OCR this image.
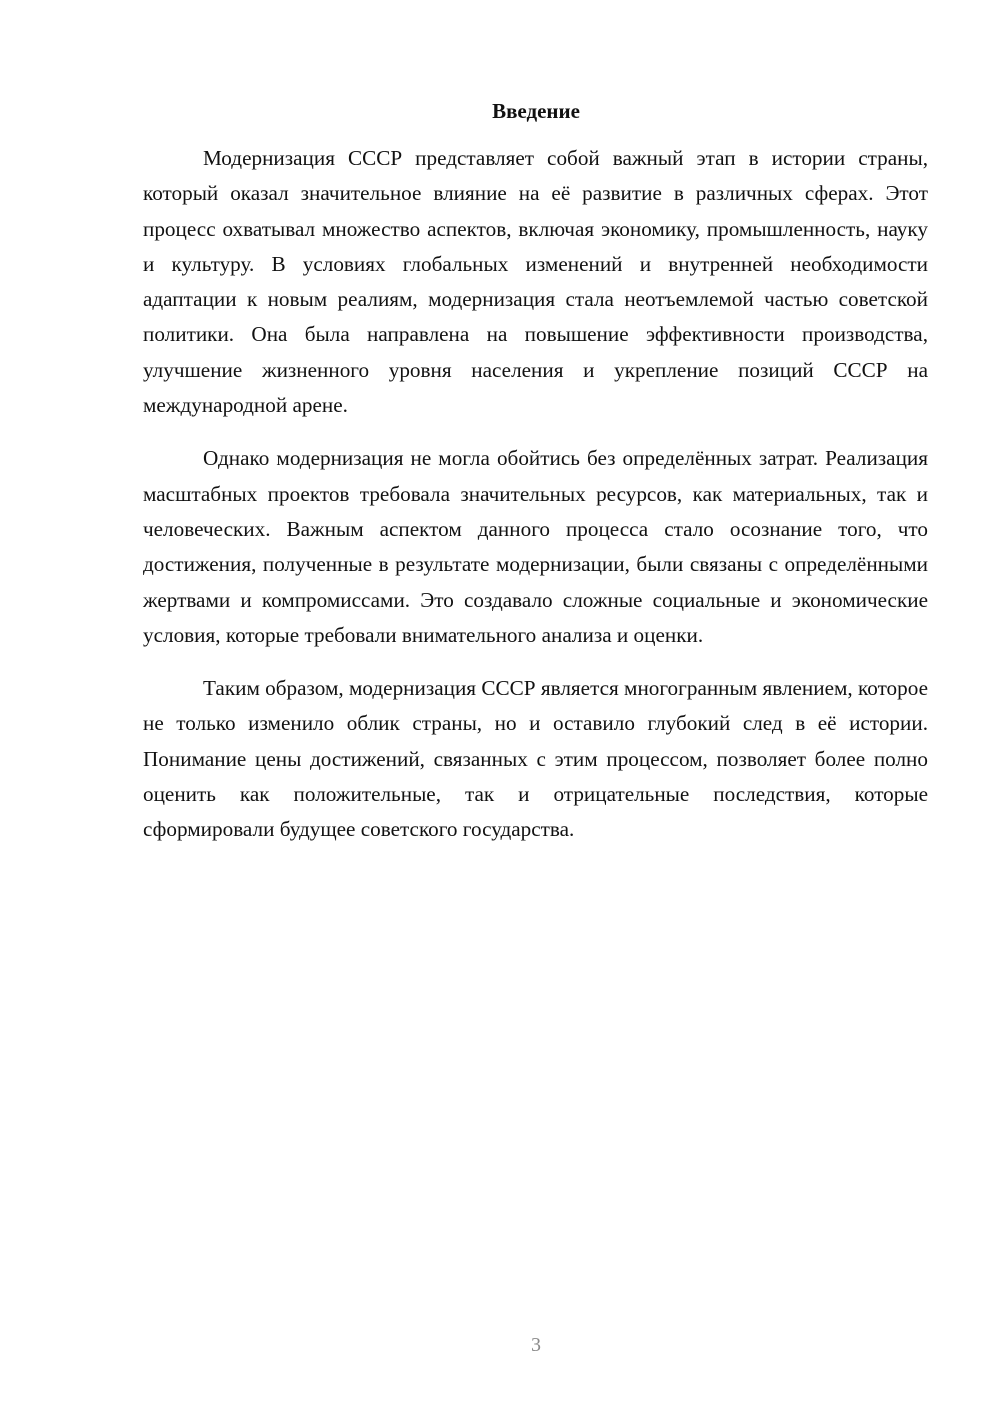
Введение

Модернизация СССР представляет собой важный этап в истории страны, который оказал значительное влияние на её развитие в различных сферах. Этот процесс охватывал множество аспектов, включая экономику, промышленность, науку и культуру. В условиях глобальных изменений и внутренней необходимости адаптации к новым реалиям, модернизация стала неотъемлемой частью советской политики. Она была направлена на повышение эффективности производства, улучшение жизненного уровня населения и укрепление позиций СССР на международной арене.

Однако модернизация не могла обойтись без определённых затрат. Реализация масштабных проектов требовала значительных ресурсов, как материальных, так и человеческих. Важным аспектом данного процесса стало осознание того, что достижения, полученные в результате модернизации, были связаны с определёнными жертвами и компромиссами. Это создавало сложные социальные и экономические условия, которые требовали внимательного анализа и оценки.

Таким образом, модернизация СССР является многогранным явлением, которое не только изменило облик страны, но и оставило глубокий след в её истории. Понимание цены достижений, связанных с этим процессом, позволяет более полно оценить как положительные, так и отрицательные последствия, которые сформировали будущее советского государства.

3
